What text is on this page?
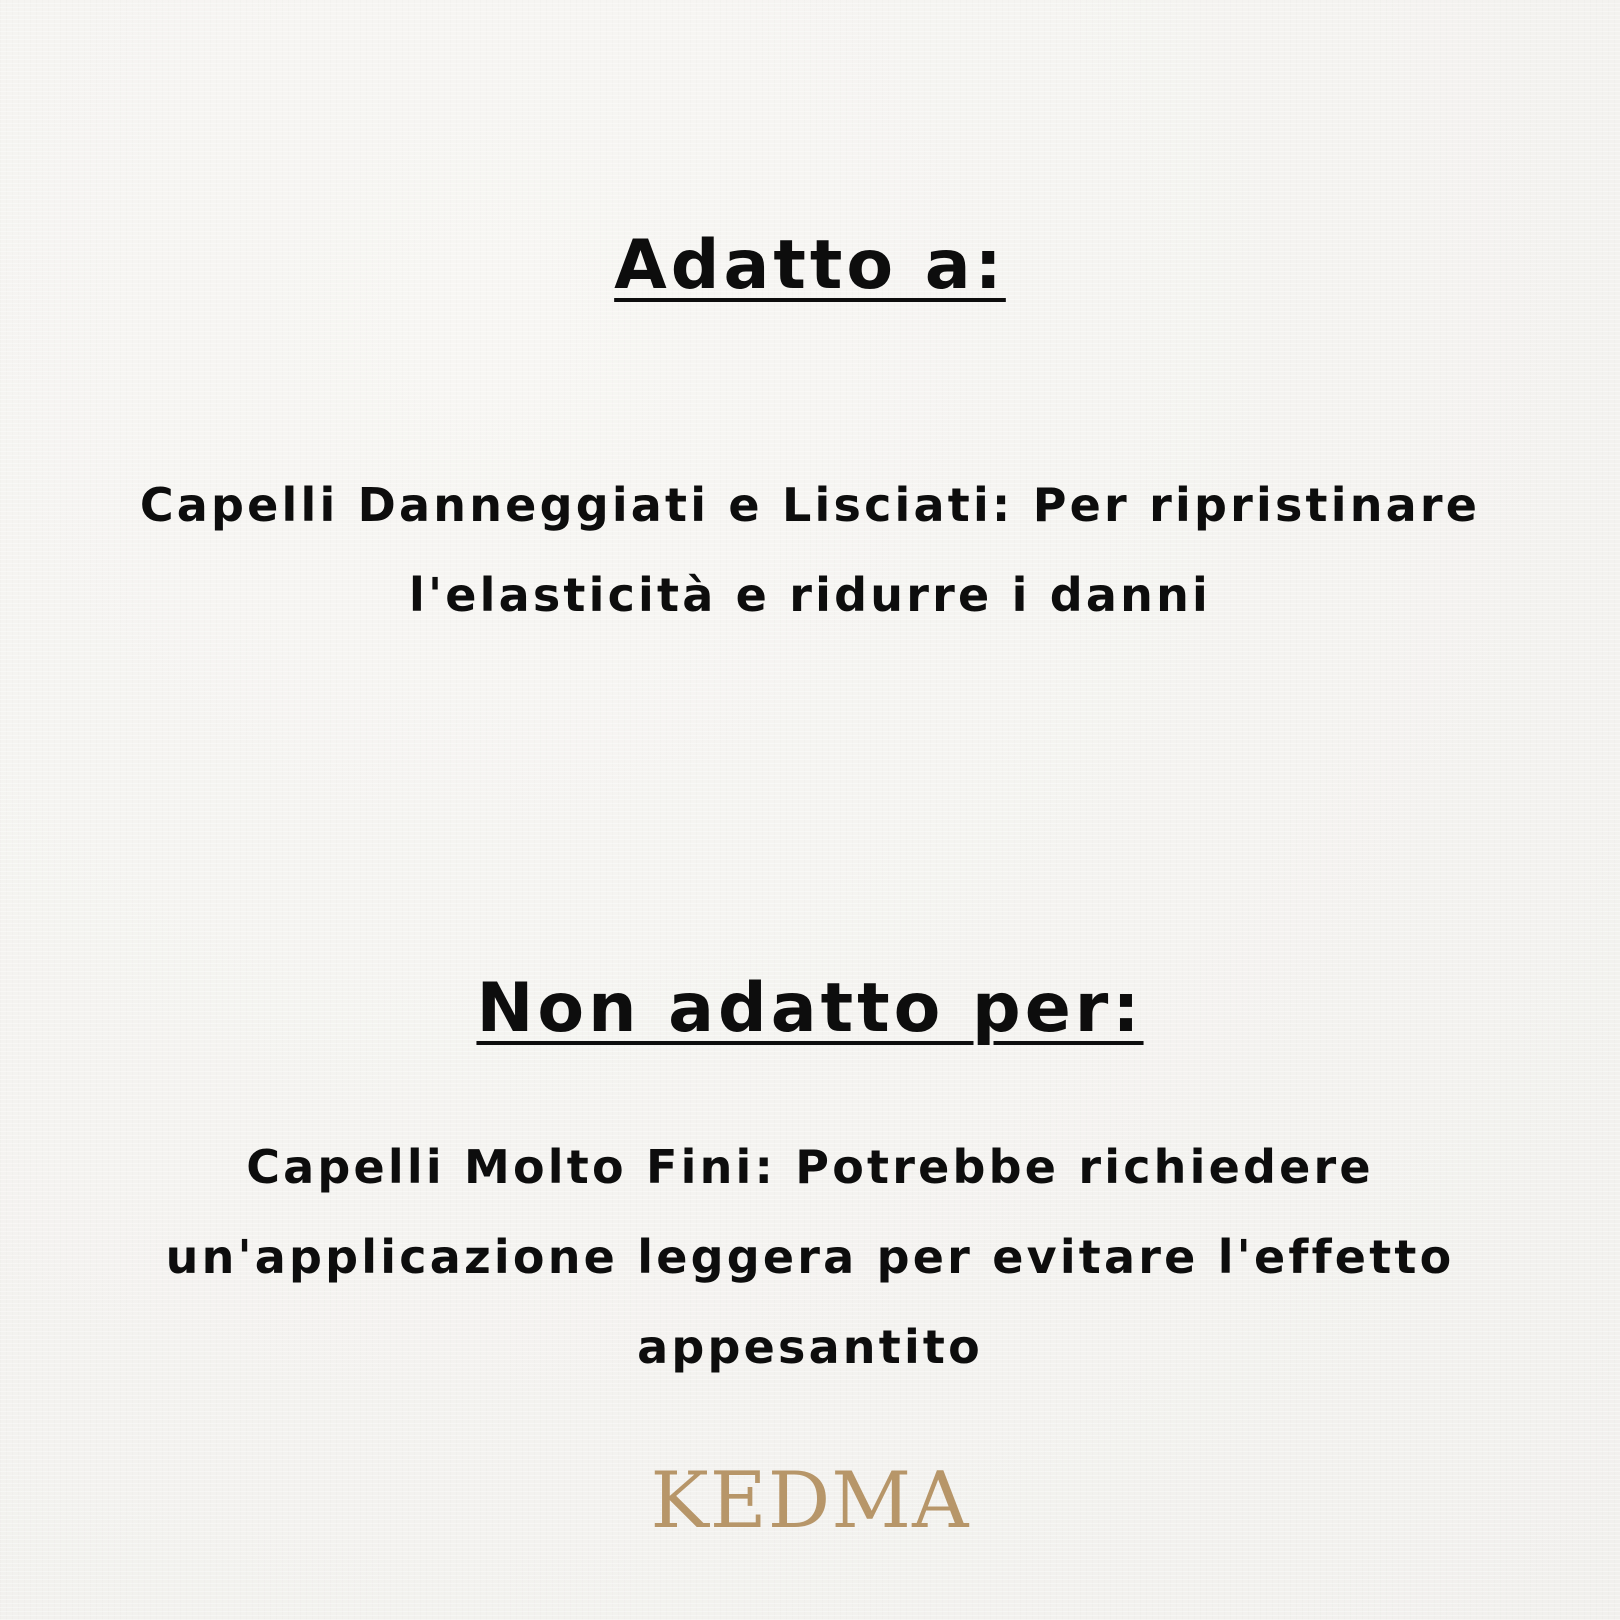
Adatto a:

Capelli Danneggiati e Lisciati: Per ripristinare l'elasticità e ridurre i danni

Non adatto per:

Capelli Molto Fini: Potrebbe richiedere un'applicazione leggera per evitare l'effetto appesantito

KEDMA
